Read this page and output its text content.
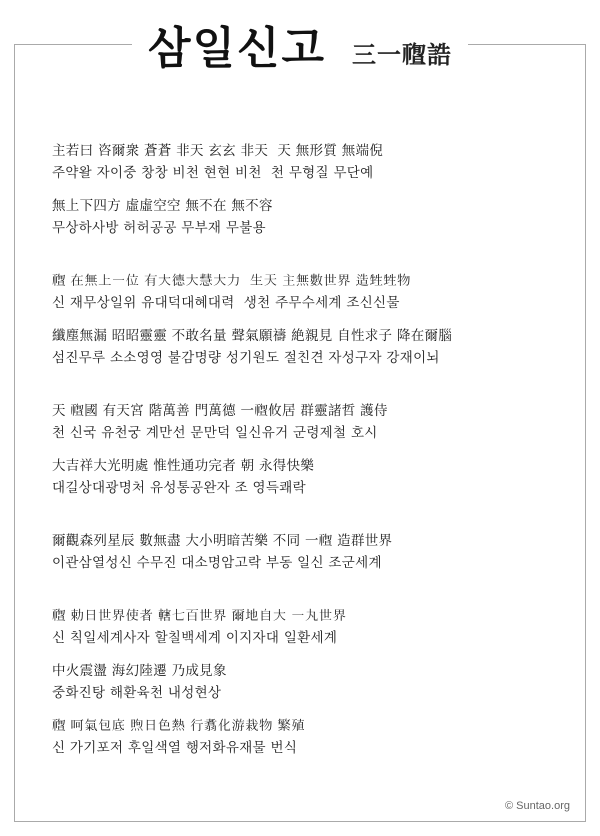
삼일신고 三一𥛠誥

主若曰 咨爾衆 蒼蒼 非天 玄玄 非天  天 無形質 無端倪

주약왈 자이중 창창 비천 현현 비천  천 무형질 무단예

無上下四方 虛虛空空 無不在 無不容

무상하사방 허허공공 무부재 무불용

𥛠 在無上一位 有大德大慧大力  生天 主無數世界 造甡甡物

신 재무상일위 유대덕대혜대력  생천 주무수세계 조신신물

纖塵無漏 昭昭靈靈 不敢名量 聲氣願禱 絶親見 自性求子 降在爾腦

섬진무루 소소영영 불감명량 성기원도 절친견 자성구자 강재이뇌

天 𥛠國 有天宮 階萬善 門萬德 一𥛠攸居 群靈諸哲 護侍

천 신국 유천궁 계만선 문만덕 일신유거 군령제철 호시

大吉祥大光明處 惟性通功完者 朝 永得快樂

대길상대광명처 유성통공완자 조 영득쾌락

爾觀森列星辰 數無盡 大小明暗苦樂 不同 一𥛠 造群世界

이관삼열성신 수무진 대소명암고락 부동 일신 조군세계

𥛠 勅日世界使者 轄七百世界 爾地自大 一丸世界

신 칙일세계사자 할칠백세계 이지자대 일환세계

中火震盪 海幻陸遷 乃成見象

중화진탕 해환육천 내성현상

𥛠 呵氣包底 煦日色熱 行翥化游栽物 繁殖

신 가기포저 후일색열 행저화유재물 번식

© Suntao.org
